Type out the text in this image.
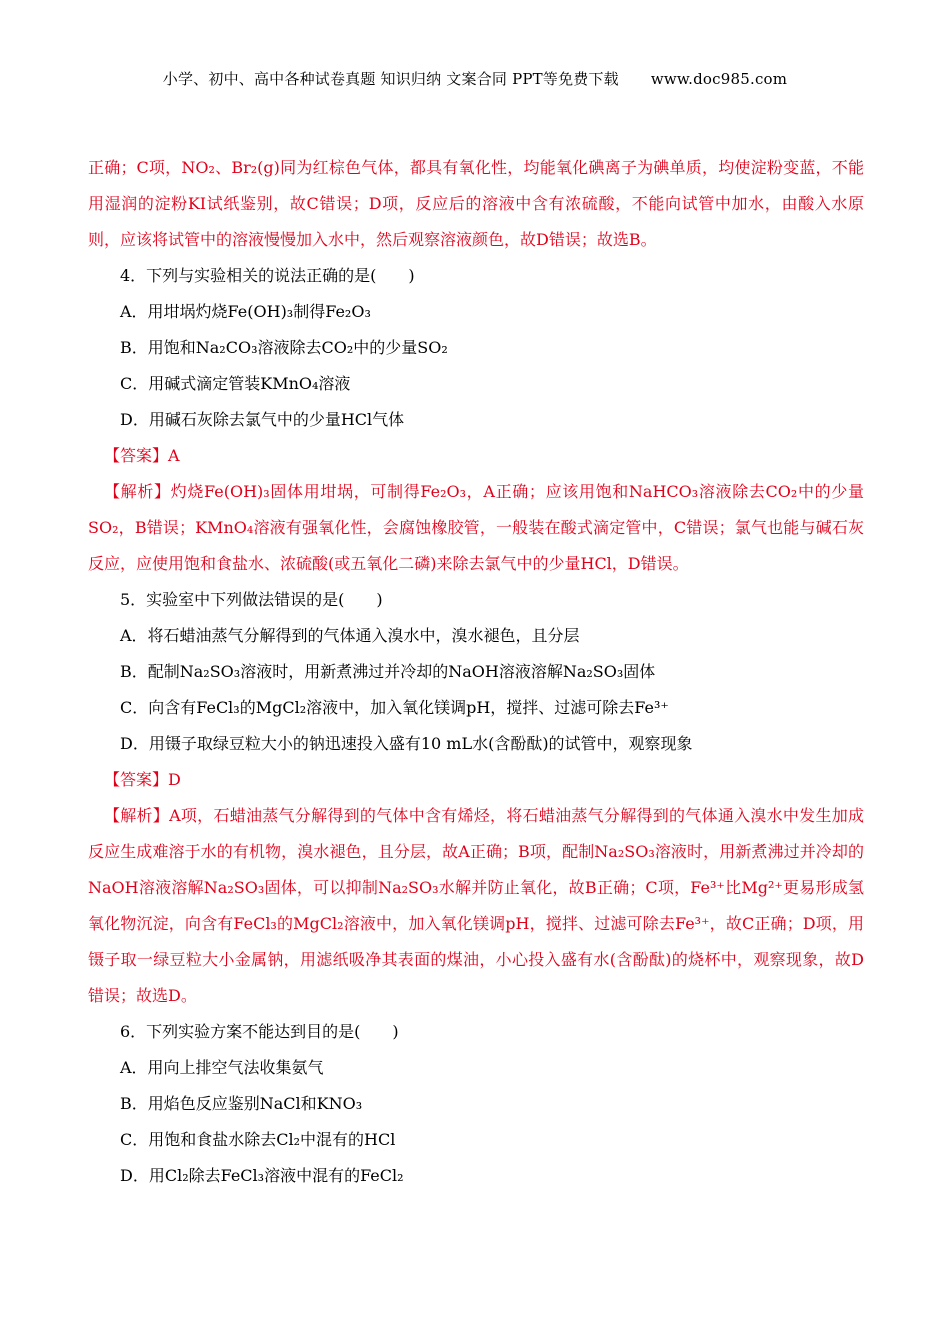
小学、初中、高中各种试卷真题 知识归纳 文案合同 PPT等免费下载 www.doc985.com

正确；C项，NO₂、Br₂(g)同为红棕色气体，都具有氧化性，均能氧化碘离子为碘单质，均使淀粉变蓝，不能用湿润的淀粉KI试纸鉴别，故C错误；D项，反应后的溶液中含有浓硫酸，不能向试管中加水，由酸入水原则，应该将试管中的溶液慢慢加入水中，然后观察溶液颜色，故D错误；故选B。

4．下列与实验相关的说法正确的是(　　)

A．用坩埚灼烧Fe(OH)₃制得Fe₂O₃

B．用饱和Na₂CO₃溶液除去CO₂中的少量SO₂

C．用碱式滴定管装KMnO₄溶液

D．用碱石灰除去氯气中的少量HCl气体

【答案】A

【解析】灼烧Fe(OH)₃固体用坩埚，可制得Fe₂O₃，A正确；应该用饱和NaHCO₃溶液除去CO₂中的少量SO₂，B错误；KMnO₄溶液有强氧化性，会腐蚀橡胶管，一般装在酸式滴定管中，C错误；氯气也能与碱石灰反应，应使用饱和食盐水、浓硫酸(或五氧化二磷)来除去氯气中的少量HCl，D错误。

5．实验室中下列做法错误的是(　　)

A．将石蜡油蒸气分解得到的气体通入溴水中，溴水褪色，且分层

B．配制Na₂SO₃溶液时，用新煮沸过并冷却的NaOH溶液溶解Na₂SO₃固体

C．向含有FeCl₃的MgCl₂溶液中，加入氧化镁调pH，搅拌、过滤可除去Fe³⁺

D．用镊子取绿豆粒大小的钠迅速投入盛有10 mL水(含酚酞)的试管中，观察现象

【答案】D

【解析】A项，石蜡油蒸气分解得到的气体中含有烯烃，将石蜡油蒸气分解得到的气体通入溴水中发生加成反应生成难溶于水的有机物，溴水褪色，且分层，故A正确；B项，配制Na₂SO₃溶液时，用新煮沸过并冷却的NaOH溶液溶解Na₂SO₃固体，可以抑制Na₂SO₃水解并防止氧化，故B正确；C项，Fe³⁺比Mg²⁺更易形成氢氧化物沉淀，向含有FeCl₃的MgCl₂溶液中，加入氧化镁调pH，搅拌、过滤可除去Fe³⁺，故C正确；D项，用镊子取一绿豆粒大小金属钠，用滤纸吸净其表面的煤油，小心投入盛有水(含酚酞)的烧杯中，观察现象，故D错误；故选D。

6．下列实验方案不能达到目的是(　　)

A．用向上排空气法收集氨气

B．用焰色反应鉴别NaCl和KNO₃

C．用饱和食盐水除去Cl₂中混有的HCl

D．用Cl₂除去FeCl₃溶液中混有的FeCl₂
